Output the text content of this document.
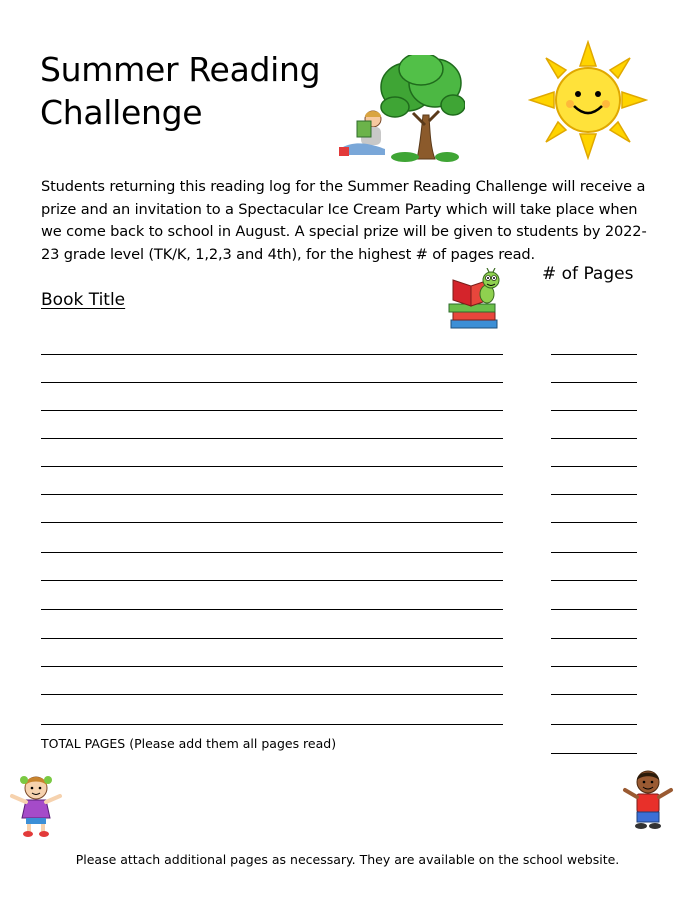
Summer Reading
Challenge

Students returning this reading log for the Summer Reading Challenge will receive a prize and an invitation to a Spectacular Ice Cream Party which will take place when we come back to school in August. A special prize will be given to students by 2022-23 grade level (TK/K, 1,2,3 and 4th), for the highest # of pages read.

# of Pages
Book Title
TOTAL PAGES (Please add them all pages read)
Please attach additional pages as necessary. They are available on the school website.
